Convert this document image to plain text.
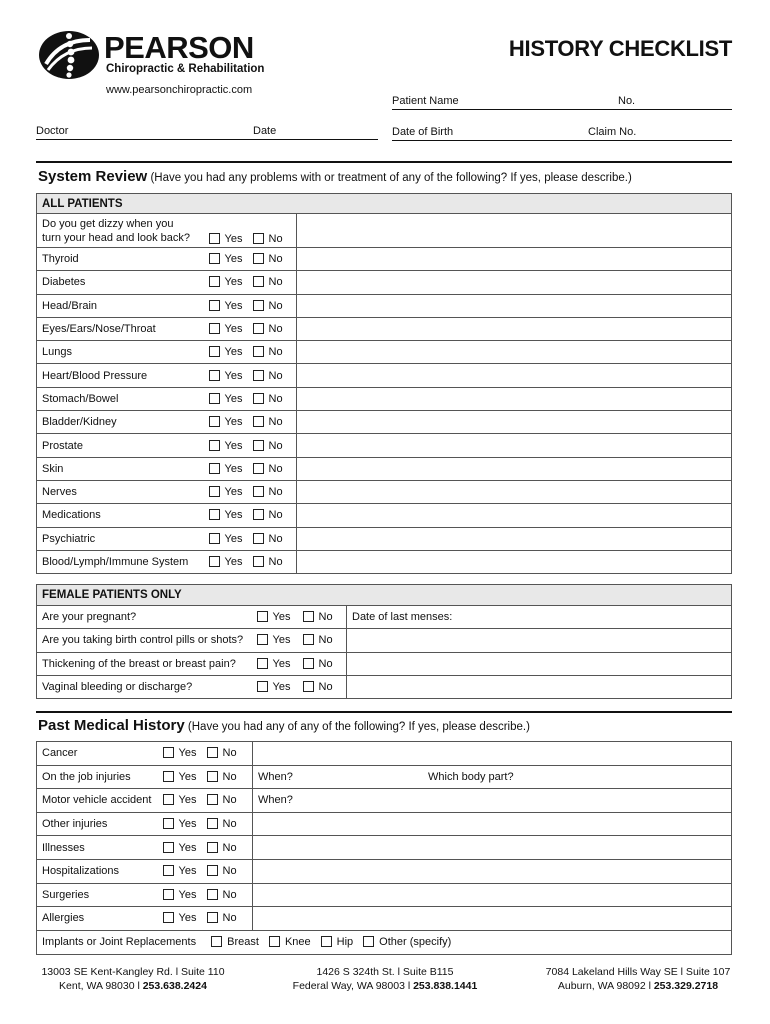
PEARSON
Chiropractic & Rehabilitation
www.pearsonchiropractic.com
HISTORY CHECKLIST
Patient Name	No.
Doctor	Date	Date of Birth	Claim No.
System Review (Have you had any problems with or treatment of any of the following? If yes, please describe.)
ALL PATIENTS			

Do you get dizzy when you
turn your head and look back?	Yes	No	
Thyroid	Yes	No	
Diabetes	Yes	No	
Head/Brain	Yes	No	
Eyes/Ears/Nose/Throat	Yes	No	
Lungs	Yes	No	
Heart/Blood Pressure	Yes	No	
Stomach/Bowel	Yes	No	
Bladder/Kidney	Yes	No	
Prostate	Yes	No	
Skin	Yes	No	
Nerves	Yes	No	
Medications	Yes	No	
Psychiatric	Yes	No	
Blood/Lymph/Immune System	Yes	No	
FEMALE PATIENTS ONLY			
Are your pregnant?	Yes	No	Date of last menses:
Are you taking birth control pills or shots?	Yes	No	
Thickening of the breast or breast pain?	Yes	No	
Vaginal bleeding or discharge?	Yes	No	
Past Medical History (Have you had any of any of the following? If yes, please describe.)
Cancer	Yes	No	
On the job injuries	Yes	No	When? Which body part?
Motor vehicle accident	Yes	No	When?
Other injuries	Yes	No	
Illnesses	Yes	No	
Hospitalizations	Yes	No	
Surgeries	Yes	No	
Allergies	Yes	No	
Implants or Joint Replacements Breast Knee Hip Other (specify)			
13003 SE Kent-Kangley Rd. l Suite 110
Kent, WA 98030 l 253.638.2424
1426 S 324th St. l Suite B115
Federal Way, WA 98003 l 253.838.1441
7084 Lakeland Hills Way SE l Suite 107
Auburn, WA 98092 l 253.329.2718
